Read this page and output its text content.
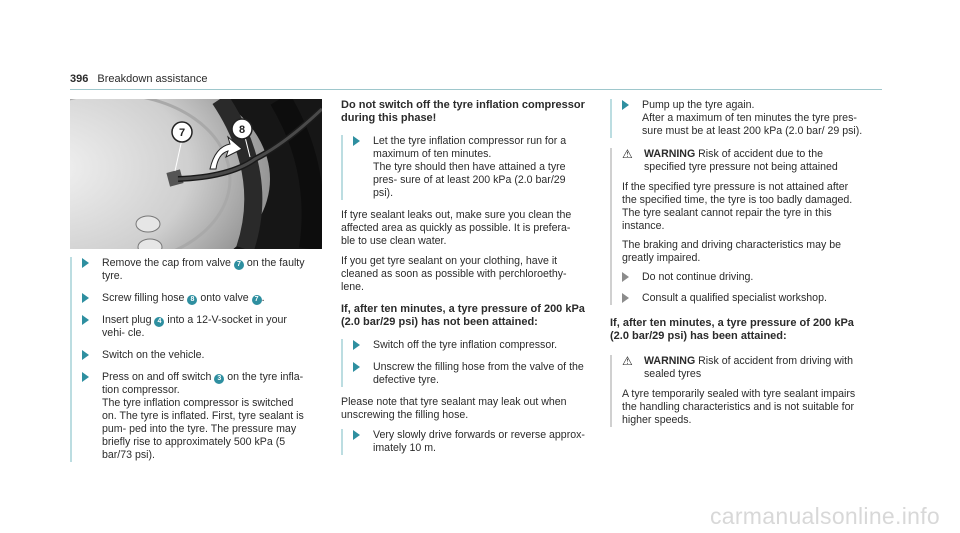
396 Breakdown assistance
7	8

Remove the cap from valve 7 on the faulty tyre.

Screw filling hose 8 onto valve 7 .

Insert plug 4 into a 12-V-socket in your vehi- cle.

Switch on the vehicle.

Press on and off switch 3 on the tyre infla- tion compressor.

The tyre inflation compressor is switched on. The tyre is inflated. First, tyre sealant is pum- ped into the tyre. The pressure may briefly rise to approximately 500 kPa (5 bar/73 psi).

Do not switch off the tyre inflation compressor during this phase!

Let the tyre inflation compressor run for a maximum of ten minutes.

The tyre should then have attained a tyre pres- sure of at least 200 kPa (2.0 bar/29 psi).

If tyre sealant leaks out, make sure you clean the affected area as quickly as possible. It is prefera- ble to use clean water.

If you get tyre sealant on your clothing, have it cleaned as soon as possible with perchloroethy- lene.

If, after ten minutes, a tyre pressure of 200 kPa (2.0 bar/29 psi) has not been attained:

Switch off the tyre inflation compressor.

Unscrew the filling hose from the valve of the defective tyre.

Please note that tyre sealant may leak out when unscrewing the filling hose.

Very slowly drive forwards or reverse approx- imately 10 m.

Pump up the tyre again.

After a maximum of ten minutes the tyre pres- sure must be at least 200 kPa (2.0 bar/ 29 psi).

⚠ WARNING Risk of accident due to the specified tyre pressure not being attained

If the specified tyre pressure is not attained after the specified time, the tyre is too badly damaged. The tyre sealant cannot repair the tyre in this instance.

The braking and driving characteristics may be greatly impaired.

Do not continue driving.

Consult a qualified specialist workshop.

If, after ten minutes, a tyre pressure of 200 kPa (2.0 bar/29 psi) has been attained:

⚠ WARNING Risk of accident from driving with sealed tyres

A tyre temporarily sealed with tyre sealant impairs the handling characteristics and is not suitable for higher speeds.

carmanualsonline.info
